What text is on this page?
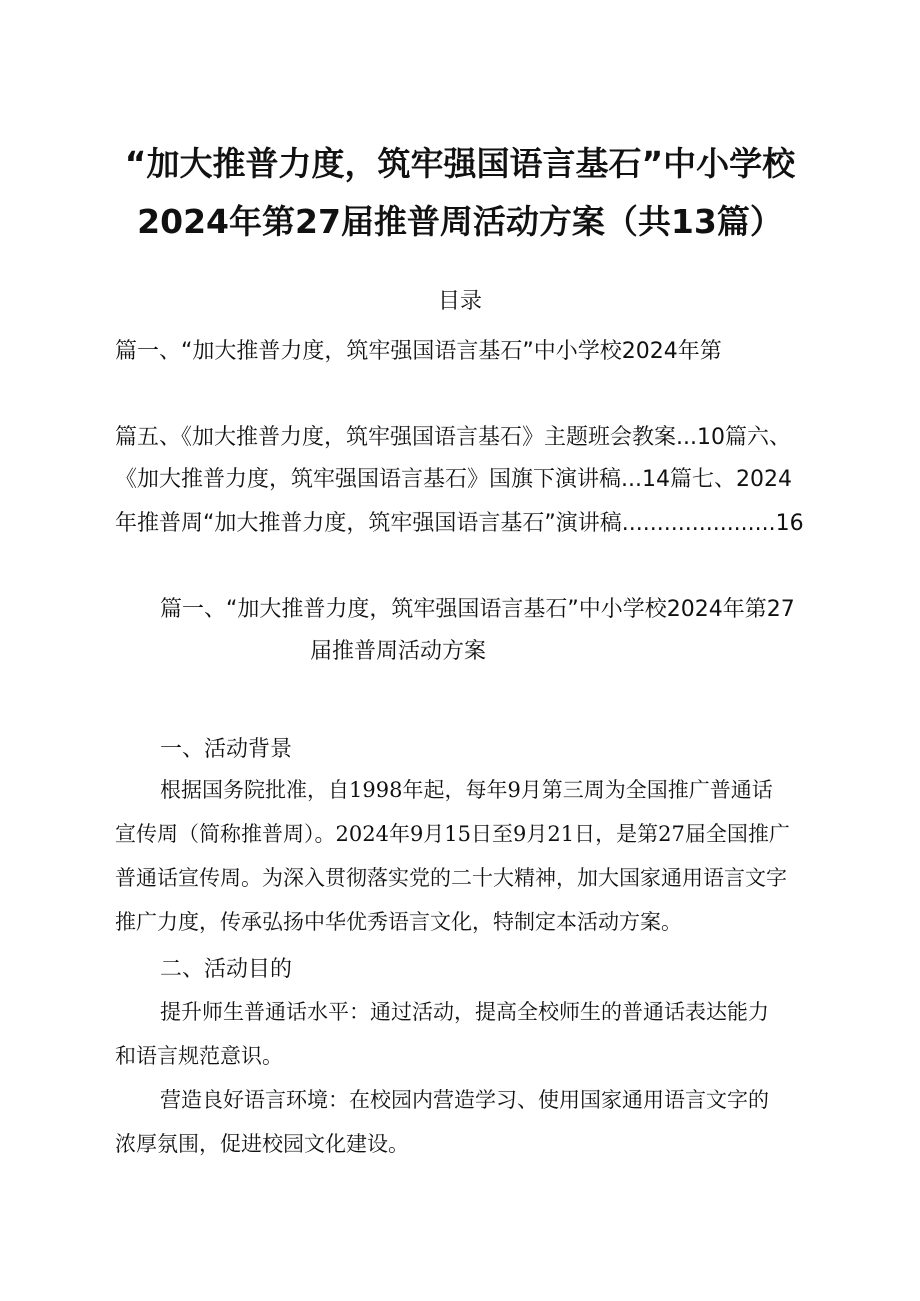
“加大推普力度，筑牢强国语言基石”中小学校
2024年第27届推普周活动方案（共13篇）
目录
篇一、“加大推普力度，筑牢强国语言基石”中小学校2024年第
篇五、《加大推普力度，筑牢强国语言基石》主题班会教案...10篇六、
《加大推普力度，筑牢强国语言基石》国旗下演讲稿...14篇七、2024
年推普周“加大推普力度，筑牢强国语言基石”演讲稿......................16
篇一、“加大推普力度，筑牢强国语言基石”中小学校2024年第27
届推普周活动方案
一、活动背景
根据国务院批准，自1998年起，每年9月第三周为全国推广普通话
宣传周（简称推普周）。2024年9月15日至9月21日，是第27届全国推广
普通话宣传周。为深入贯彻落实党的二十大精神，加大国家通用语言文字
推广力度，传承弘扬中华优秀语言文化，特制定本活动方案。
二、活动目的
提升师生普通话水平：通过活动，提高全校师生的普通话表达能力
和语言规范意识。
营造良好语言环境：在校园内营造学习、使用国家通用语言文字的
浓厚氛围，促进校园文化建设。
